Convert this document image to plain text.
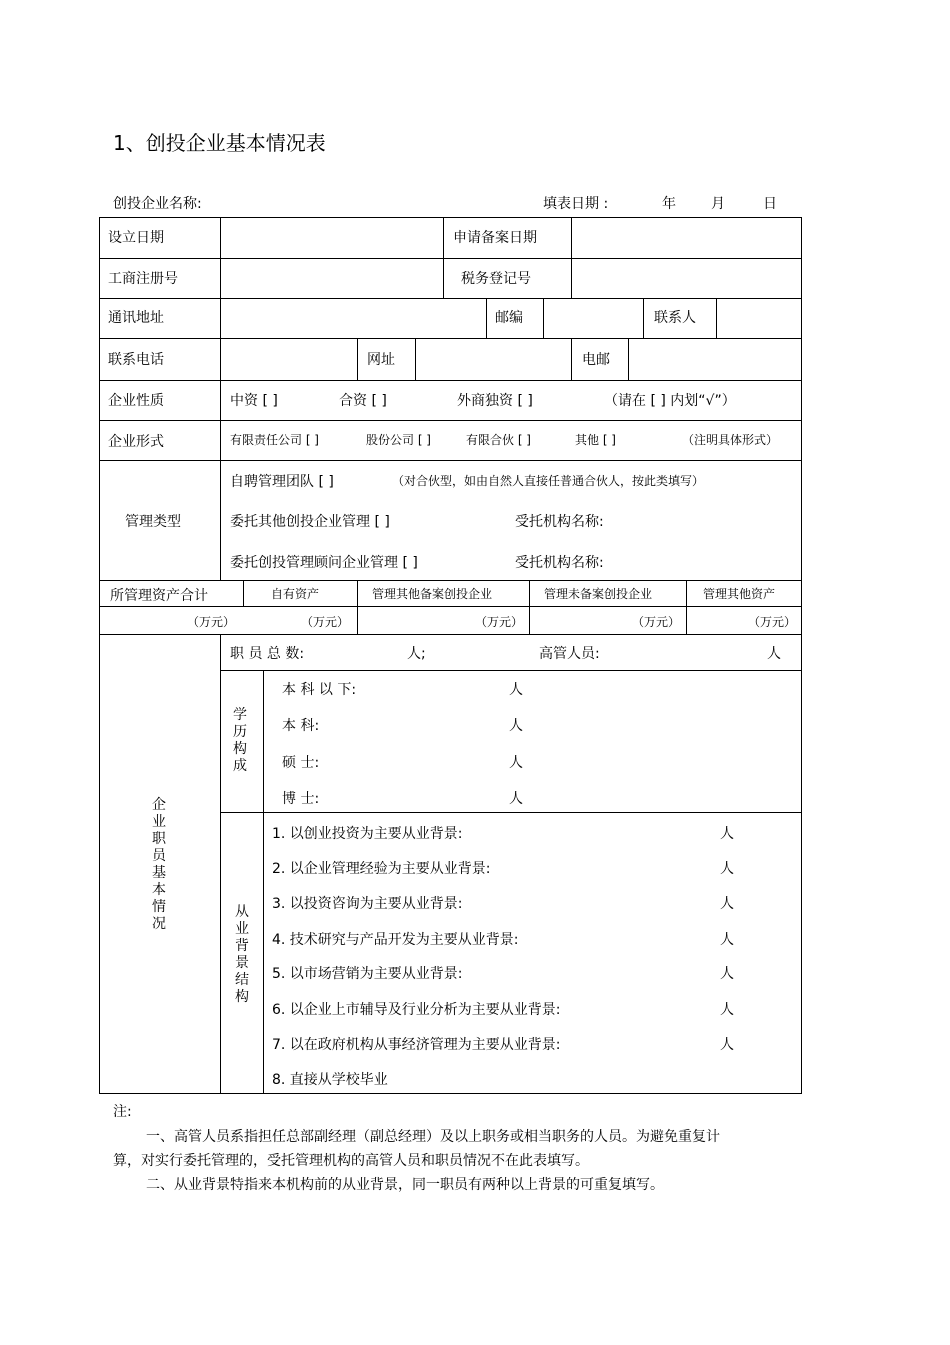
1、创投企业基本情况表
创投企业名称:	填表日期 :	年	月	日
设立日期	申请备案日期
工商注册号	税务登记号
通讯地址	邮编	联系人
联系电话	网址	电邮
企业性质	中资 [ ]	合资 [ ]	外商独资 [ ]	（请在 [ ] 内划“√”）
企业形式	有限责任公司 [ ]	股份公司 [ ]	有限合伙 [ ]	其他 [ ]	（注明具体形式）
管理类型
自聘管理团队 [ ]	（对合伙型，如由自然人直接任普通合伙人，按此类填写）
委托其他创投企业管理 [ ]	受托机构名称:
委托创投管理顾问企业管理 [ ]	受托机构名称:
所管理资产合计	自有资产	管理其他备案创投企业	管理未备案创投企业	管理其他资产
（万元）	（万元）	（万元）	（万元）	（万元）
企业职员基本情况
职 员 总 数:	人;	高管人员:	人
学历构成
本 科 以 下:	人
本 科:	人
硕 士:	人
博 士:	人
从业背景结构
1. 以创业投资为主要从业背景:	人
2. 以企业管理经验为主要从业背景:	人
3. 以投资咨询为主要从业背景:	人
4. 技术研究与产品开发为主要从业背景:	人
5. 以市场营销为主要从业背景:	人
6. 以企业上市辅导及行业分析为主要从业背景:	人
7. 以在政府机构从事经济管理为主要从业背景:	人
8. 直接从学校毕业
注:
一、高管人员系指担任总部副经理（副总经理）及以上职务或相当职务的人员。为避免重复计
算，对实行委托管理的，受托管理机构的高管人员和职员情况不在此表填写。
二、从业背景特指来本机构前的从业背景，同一职员有两种以上背景的可重复填写。
